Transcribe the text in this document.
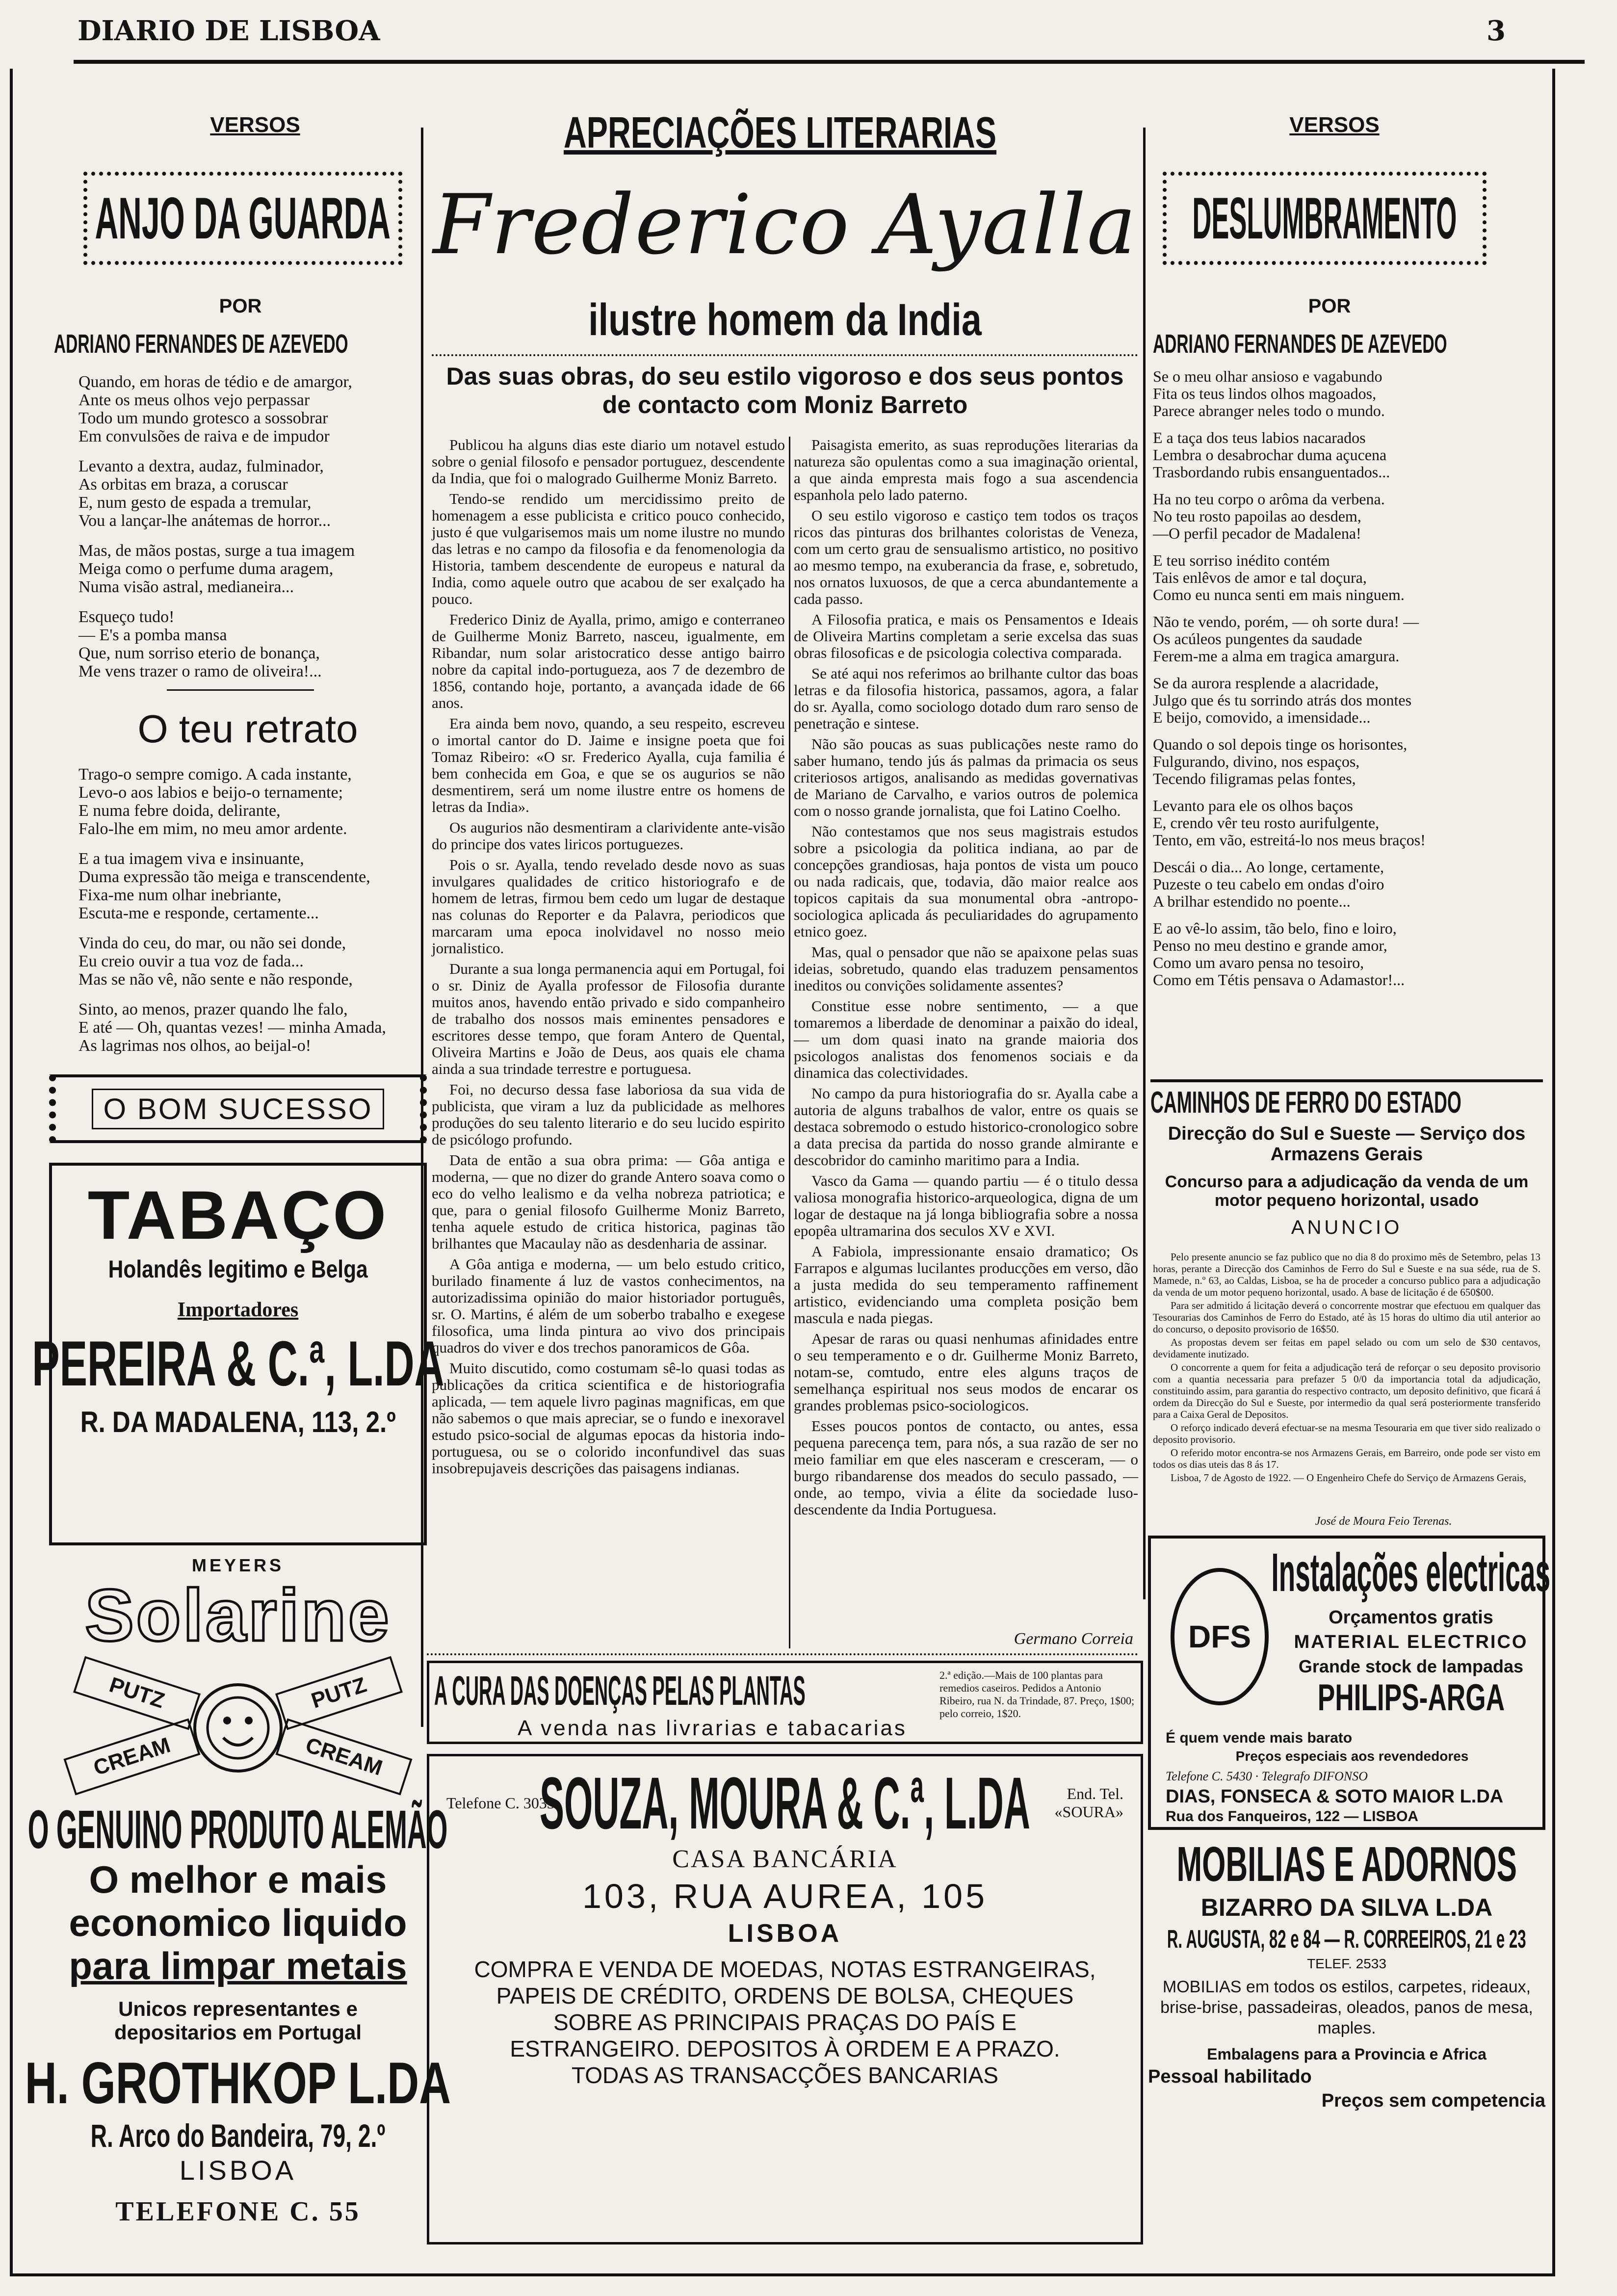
DIARIO DE LISBOA	3
VERSOS
ANJO DA GUARDA
POR
ADRIANO FERNANDES DE AZEVEDO
Quando, em horas de tédio e de amargor,
Ante os meus olhos vejo perpassar
Todo um mundo grotesco a sossobrar
Em convulsões de raiva e de impudor
Levanto a dextra, audaz, fulminador,
As orbitas em braza, a coruscar
E, num gesto de espada a tremular,
Vou a lançar-lhe anátemas de horror...
Mas, de mãos postas, surge a tua imagem
Meiga como o perfume duma aragem,
Numa visão astral, medianeira...
Esqueço tudo!
— E's a pomba mansa
Que, num sorriso eterio de bonança,
Me vens trazer o ramo de oliveira!...
O teu retrato
Trago-o sempre comigo. A cada instante,
Levo-o aos labios e beijo-o ternamente;
E numa febre doida, delirante,
Falo-lhe em mim, no meu amor ardente.
E a tua imagem viva e insinuante,
Duma expressão tão meiga e transcendente,
Fixa-me num olhar inebriante,
Escuta-me e responde, certamente...
Vinda do ceu, do mar, ou não sei donde,
Eu creio ouvir a tua voz de fada...
Mas se não vê, não sente e não responde,
Sinto, ao menos, prazer quando lhe falo,
E até — Oh, quantas vezes! — minha Amada,
As lagrimas nos olhos, ao beijal-o!
O BOM SUCESSO
TABAÇO
Holandês legitimo e Belga
Importadores
PEREIRA & C.ª, L.DA
R. DA MADALENA, 113, 2.º
MEYERS
Solarine
PUTZ	PUTZ
CREAM	CREAM
O GENUINO PRODUTO ALEMÃO
O melhor e mais
economico liquido
para limpar metais
Unicos representantes e depositarios em Portugal
H. GROTHKOP L.DA
R. Arco do Bandeira, 79, 2.º
LISBOA
TELEFONE C. 55
APRECIAÇÕES LITERARIAS
Frederico Ayalla
ilustre homem da India
Das suas obras, do seu estilo vigoroso e dos seus pontos de contacto com Moniz Barreto

Publicou ha alguns dias este diario um notavel estudo sobre o genial filosofo e pensador portuguez, descendente da India, que foi o malogrado Guilherme Moniz Barreto.

Tendo-se rendido um mercidissimo preito de homenagem a esse publicista e critico pouco conhecido, justo é que vulgarisemos mais um nome ilustre no mundo das letras e no campo da filosofia e da fenomenologia da Historia, tambem descendente de europeus e natural da India, como aquele outro que acabou de ser exalçado ha pouco.

Frederico Diniz de Ayalla, primo, amigo e conterraneo de Guilherme Moniz Barreto, nasceu, igualmente, em Ribandar, num solar aristocratico desse antigo bairro nobre da capital indo-portugueza, aos 7 de dezembro de 1856, contando hoje, portanto, a avançada idade de 66 anos.

Era ainda bem novo, quando, a seu respeito, escreveu o imortal cantor do D. Jaime e insigne poeta que foi Tomaz Ribeiro: «O sr. Frederico Ayalla, cuja familia é bem conhecida em Goa, e que se os augurios se não desmentirem, será um nome ilustre entre os homens de letras da India».

Os augurios não desmentiram a clarividente ante-visão do principe dos vates liricos portuguezes.

Pois o sr. Ayalla, tendo revelado desde novo as suas invulgares qualidades de critico historiografo e de homem de letras, firmou bem cedo um lugar de destaque nas colunas do Reporter e da Palavra, periodicos que marcaram uma epoca inolvidavel no nosso meio jornalistico.

Durante a sua longa permanencia aqui em Portugal, foi o sr. Diniz de Ayalla professor de Filosofia durante muitos anos, havendo então privado e sido companheiro de trabalho dos nossos mais eminentes pensadores e escritores desse tempo, que foram Antero de Quental, Oliveira Martins e João de Deus, aos quais ele chama ainda a sua trindade terrestre e portuguesa.

Foi, no decurso dessa fase laboriosa da sua vida de publicista, que viram a luz da publicidade as melhores produções do seu talento literario e do seu lucido espirito de psicólogo profundo.

Data de então a sua obra prima: — Gôa antiga e moderna, — que no dizer do grande Antero soava como o eco do velho lealismo e da velha nobreza patriotica; e que, para o genial filosofo Guilherme Moniz Barreto, tenha aquele estudo de critica historica, paginas tão brilhantes que Macaulay não as desdenharia de assinar.

A Gôa antiga e moderna, — um belo estudo critico, burilado finamente á luz de vastos conhecimentos, na autorizadissima opinião do maior historiador português, sr. O. Martins, é além de um soberbo trabalho e exegese filosofica, uma linda pintura ao vivo dos principais quadros do viver e dos trechos panoramicos de Gôa.

Muito discutido, como costumam sê-lo quasi todas as publicações da critica scientifica e de historiografia aplicada, — tem aquele livro paginas magnificas, em que não sabemos o que mais apreciar, se o fundo e inexoravel estudo psico-social de algumas epocas da historia indo-portuguesa, ou se o colorido inconfundivel das suas insobrepujaveis descrições das paisagens indianas.

Paisagista emerito, as suas reproduções literarias da natureza são opulentas como a sua imaginação oriental, a que ainda empresta mais fogo a sua ascendencia espanhola pelo lado paterno.

O seu estilo vigoroso e castiço tem todos os traços ricos das pinturas dos brilhantes coloristas de Veneza, com um certo grau de sensualismo artistico, no positivo ao mesmo tempo, na exuberancia da frase, e, sobretudo, nos ornatos luxuosos, de que a cerca abundantemente a cada passo.

A Filosofia pratica, e mais os Pensamentos e Ideais de Oliveira Martins completam a serie excelsa das suas obras filosoficas e de psicologia colectiva comparada.

Se até aqui nos referimos ao brilhante cultor das boas letras e da filosofia historica, passamos, agora, a falar do sr. Ayalla, como sociologo dotado dum raro senso de penetração e sintese.

Não são poucas as suas publicações neste ramo do saber humano, tendo jús ás palmas da primacia os seus criteriosos artigos, analisando as medidas governativas de Mariano de Carvalho, e varios outros de polemica com o nosso grande jornalista, que foi Latino Coelho.

Não contestamos que nos seus magistrais estudos sobre a psicologia da politica indiana, ao par de concepções grandiosas, haja pontos de vista um pouco ou nada radicais, que, todavia, dão maior realce aos topicos capitais da sua monumental obra -antropo-sociologica aplicada ás peculiaridades do agrupamento etnico goez.

Mas, qual o pensador que não se apaixone pelas suas ideias, sobretudo, quando elas traduzem pensamentos ineditos ou convições solidamente assentes?

Constitue esse nobre sentimento, — a que tomaremos a liberdade de denominar a paixão do ideal, — um dom quasi inato na grande maioria dos psicologos analistas dos fenomenos sociais e da dinamica das colectividades.

No campo da pura historiografia do sr. Ayalla cabe a autoria de alguns trabalhos de valor, entre os quais se destaca sobremodo o estudo historico-cronologico sobre a data precisa da partida do nosso grande almirante e descobridor do caminho maritimo para a India.

Vasco da Gama — quando partiu — é o titulo dessa valiosa monografia historico-arqueologica, digna de um logar de destaque na já longa bibliografia sobre a nossa epopêa ultramarina dos seculos XV e XVI.

A Fabiola, impressionante ensaio dramatico; Os Farrapos e algumas lucilantes producções em verso, dão a justa medida do seu temperamento raffinement artistico, evidenciando uma completa posição bem mascula e nada piegas.

Apesar de raras ou quasi nenhumas afinidades entre o seu temperamento e o dr. Guilherme Moniz Barreto, notam-se, comtudo, entre eles alguns traços de semelhança espiritual nos seus modos de encarar os grandes problemas psico-sociologicos.

Esses poucos pontos de contacto, ou antes, essa pequena parecença tem, para nós, a sua razão de ser no meio familiar em que eles nasceram e cresceram, — o burgo ribandarense dos meados do seculo passado, — onde, ao tempo, vivia a élite da sociedade luso-descendente da India Portuguesa.

Germano Correia
A CURA DAS DOENÇAS PELAS PLANTAS	2.ª edição.—Mais de 100 plantas para remedios caseiros. Pedidos a Antonio Ribeiro, rua N. da Trindade, 87. Preço, 1$00; pelo correio, 1$20.
A venda nas livrarias e tabacarias
Telefone C. 3033
SOUZA, MOURA & C.ª, L.DA	End. Tel. «SOURA»
CASA BANCÁRIA
103, RUA AUREA, 105
LISBOA
COMPRA E VENDA DE MOEDAS, NOTAS ESTRANGEIRAS, PAPEIS DE CRÉDITO, ORDENS DE BOLSA, CHEQUES SOBRE AS PRINCIPAIS PRAÇAS DO PAÍS E ESTRANGEIRO. DEPOSITOS À ORDEM E A PRAZO. TODAS AS TRANSACÇÕES BANCARIAS
VERSOS
DESLUMBRAMENTO
POR
ADRIANO FERNANDES DE AZEVEDO
Se o meu olhar ansioso e vagabundo
Fita os teus lindos olhos magoados,
Parece abranger neles todo o mundo.
E a taça dos teus labios nacarados
Lembra o desabrochar duma açucena
Trasbordando rubis ensanguentados...
Ha no teu corpo o arôma da verbena.
No teu rosto papoilas ao desdem,
—O perfil pecador de Madalena!
E teu sorriso inédito contém
Tais enlêvos de amor e tal doçura,
Como eu nunca senti em mais ninguem.
Não te vendo, porém, — oh sorte dura! —
Os acúleos pungentes da saudade
Ferem-me a alma em tragica amargura.
Se da aurora resplende a alacridade,
Julgo que és tu sorrindo atrás dos montes
E beijo, comovido, a imensidade...
Quando o sol depois tinge os horisontes,
Fulgurando, divino, nos espaços,
Tecendo filigramas pelas fontes,
Levanto para ele os olhos baços
E, crendo vêr teu rosto aurifulgente,
Tento, em vão, estreitá-lo nos meus braços!
Descái o dia... Ao longe, certamente,
Puzeste o teu cabelo em ondas d'oiro
A brilhar estendido no poente...
E ao vê-lo assim, tão belo, fino e loiro,
Penso no meu destino e grande amor,
Como um avaro pensa no tesoiro,
Como em Tétis pensava o Adamastor!...
CAMINHOS DE FERRO DO ESTADO
Direcção do Sul e Sueste — Serviço dos Armazens Gerais
Concurso para a adjudicação da venda de um motor pequeno horizontal, usado
ANUNCIO

Pelo presente anuncio se faz publico que no dia 8 do proximo mês de Setembro, pelas 13 horas, perante a Direcção dos Caminhos de Ferro do Sul e Sueste e na sua séde, rua de S. Mamede, n.º 63, ao Caldas, Lisboa, se ha de proceder a concurso publico para a adjudicação da venda de um motor pequeno horizontal, usado. A base de licitação é de 650$00.

Para ser admitido á licitação deverá o concorrente mostrar que efectuou em qualquer das Tesourarias dos Caminhos de Ferro do Estado, até às 15 horas do ultimo dia util anterior ao do concurso, o deposito provisorio de 16$50.

As propostas devem ser feitas em papel selado ou com um selo de $30 centavos, devidamente inutizado.

O concorrente a quem for feita a adjudicação terá de reforçar o seu deposito provisorio com a quantia necessaria para prefazer 5 0/0 da importancia total da adjudicação, constituindo assim, para garantia do respectivo contracto, um deposito definitivo, que ficará á ordem da Direcção do Sul e Sueste, por intermedio da qual será posteriormente transferido para a Caixa Geral de Depositos.

O reforço indicado deverá efectuar-se na mesma Tesouraria em que tiver sido realizado o deposito provisorio.

O referido motor encontra-se nos Armazens Gerais, em Barreiro, onde pode ser visto em todos os dias uteis das 8 ás 17.

Lisboa, 7 de Agosto de 1922. — O Engenheiro Chefe do Serviço de Armazens Gerais,

José de Moura Feio Terenas.
DFS
Instalações electricas
Orçamentos gratis
MATERIAL ELECTRICO
Grande stock de lampadas
PHILIPS-ARGA
É quem vende mais barato
Preços especiais aos revendedores
Telefone C. 5430 · Telegrafo DIFONSO
DIAS, FONSECA & SOTO MAIOR L.DA
Rua dos Fanqueiros, 122 — LISBOA
MOBILIAS E ADORNOS
BIZARRO DA SILVA L.DA
R. AUGUSTA, 82 e 84 — R. CORREEIROS, 21 e 23
TELEF. 2533
MOBILIAS em todos os estilos, carpetes, rideaux, brise-brise, passadeiras, oleados, panos de mesa, maples.
Embalagens para a Provincia e Africa
Pessoal habilitado
Preços sem competencia
